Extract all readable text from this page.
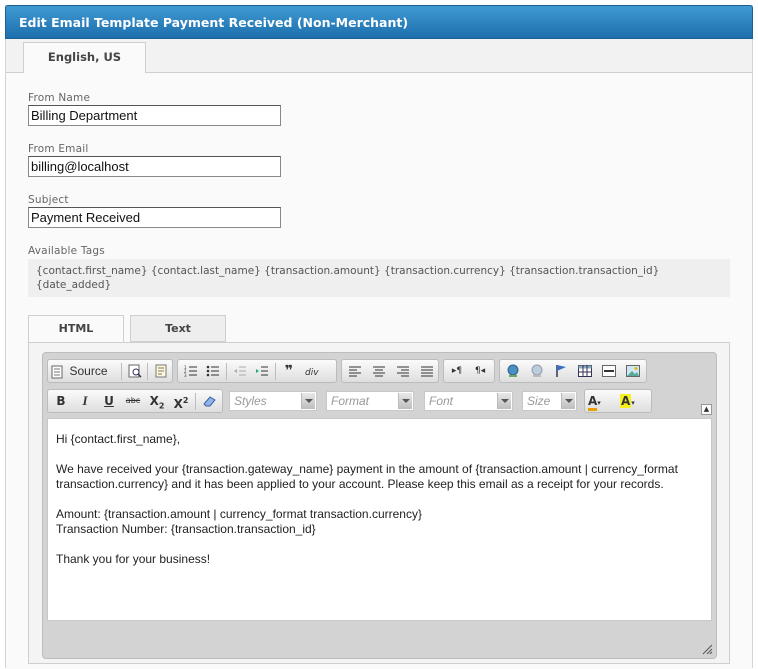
Edit Email Template Payment Received (Non-Merchant)
English, US
From Name
Billing Department
From Email
billing@localhost
Subject
Payment Received
Available Tags
{contact.first_name} {contact.last_name} {transaction.amount} {transaction.currency} {transaction.transaction_id}
{date_added}
HTML	Text
Source	1
2
3	❞	div	▸¶	¶◂
B	I	U	abc $X_2$ $X^2$	Styles	Format	Font	Size	A▾	A▾
▲

Hi {contact.first_name},

We have received your {transaction.gateway_name} payment in the amount of {transaction.amount | currency_format transaction.currency} and it has been applied to your account. Please keep this email as a receipt for your records.

Amount: {transaction.amount | currency_format transaction.currency}
Transaction Number: {transaction.transaction_id}

Thank you for your business!
